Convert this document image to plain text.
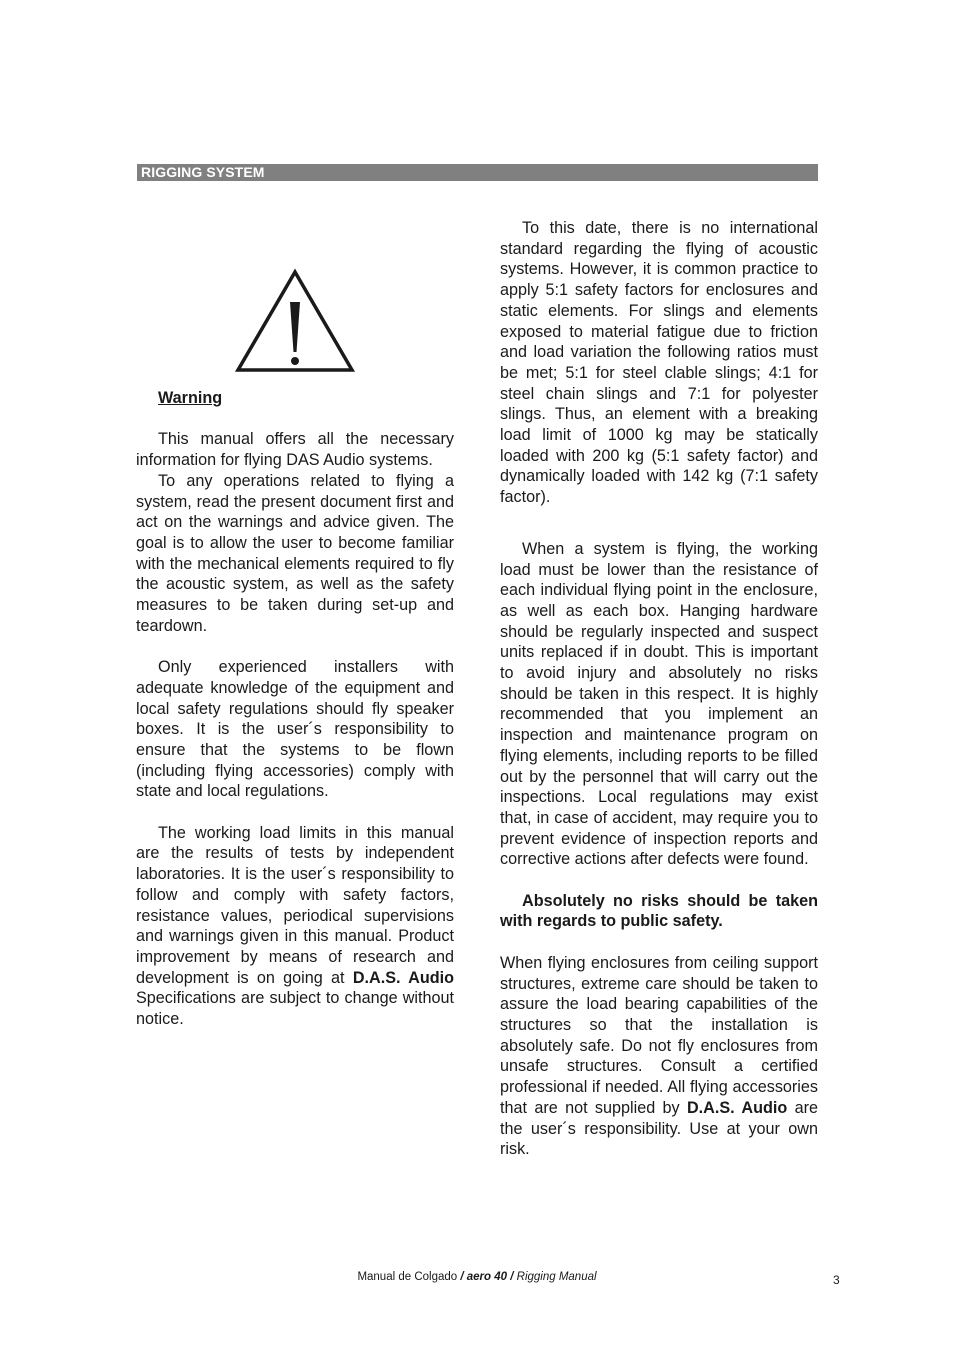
RIGGING SYSTEM

Warning

This manual offers all the necessary information for flying DAS Audio systems.

To any operations related to flying a system, read the present document first and act on the warnings and advice given. The goal is to allow the user to become familiar with the mechanical elements required to fly the acoustic system, as well as the safety measures to be taken during set-up and teardown.

Only experienced installers with adequate knowledge of the equipment and local safety regulations should fly speaker boxes. It is the user´s responsibility to ensure that the systems to be flown (including flying accessories) comply with state and local regulations.

The working load limits in this manual are the results of tests by independent laboratories. It is the user´s responsibility to follow and comply with safety factors, resistance values, periodical supervisions and warnings given in this manual. Product improvement by means of research and development is on going at D.A.S. Audio Specifications are subject to change without notice.

To this date, there is no international standard regarding the flying of acoustic systems. However, it is common practice to apply 5:1 safety factors for enclosures and static elements. For slings and elements exposed to material fatigue due to friction and load variation the following ratios must be met; 5:1 for steel clable slings; 4:1 for steel chain slings and 7:1 for polyester slings. Thus, an element with a breaking load limit of 1000 kg may be statically loaded with 200 kg (5:1 safety factor) and dynamically loaded with 142 kg (7:1 safety factor).

When a system is flying, the working load must be lower than the resistance of each individual flying point in the enclosure, as well as each box. Hanging hardware should be regularly inspected and suspect units replaced if in doubt. This is important to avoid injury and absolutely no risks should be taken in this respect. It is highly recommended that you implement an inspection and maintenance program on flying elements, including reports to be filled out by the personnel that will carry out the inspections. Local regulations may exist that, in case of accident, may require you to prevent evidence of inspection reports and corrective actions after defects were found.

Absolutely no risks should be taken with regards to public safety.

When flying enclosures from ceiling support structures, extreme care should be taken to assure the load bearing capabilities of the structures so that the installation is absolutely safe. Do not fly enclosures from unsafe structures. Consult a certified professional if needed. All flying accessories that are not supplied by D.A.S. Audio are the user´s responsibility. Use at your own risk.

Manual de Colgado / aero 40 / Rigging Manual	3
